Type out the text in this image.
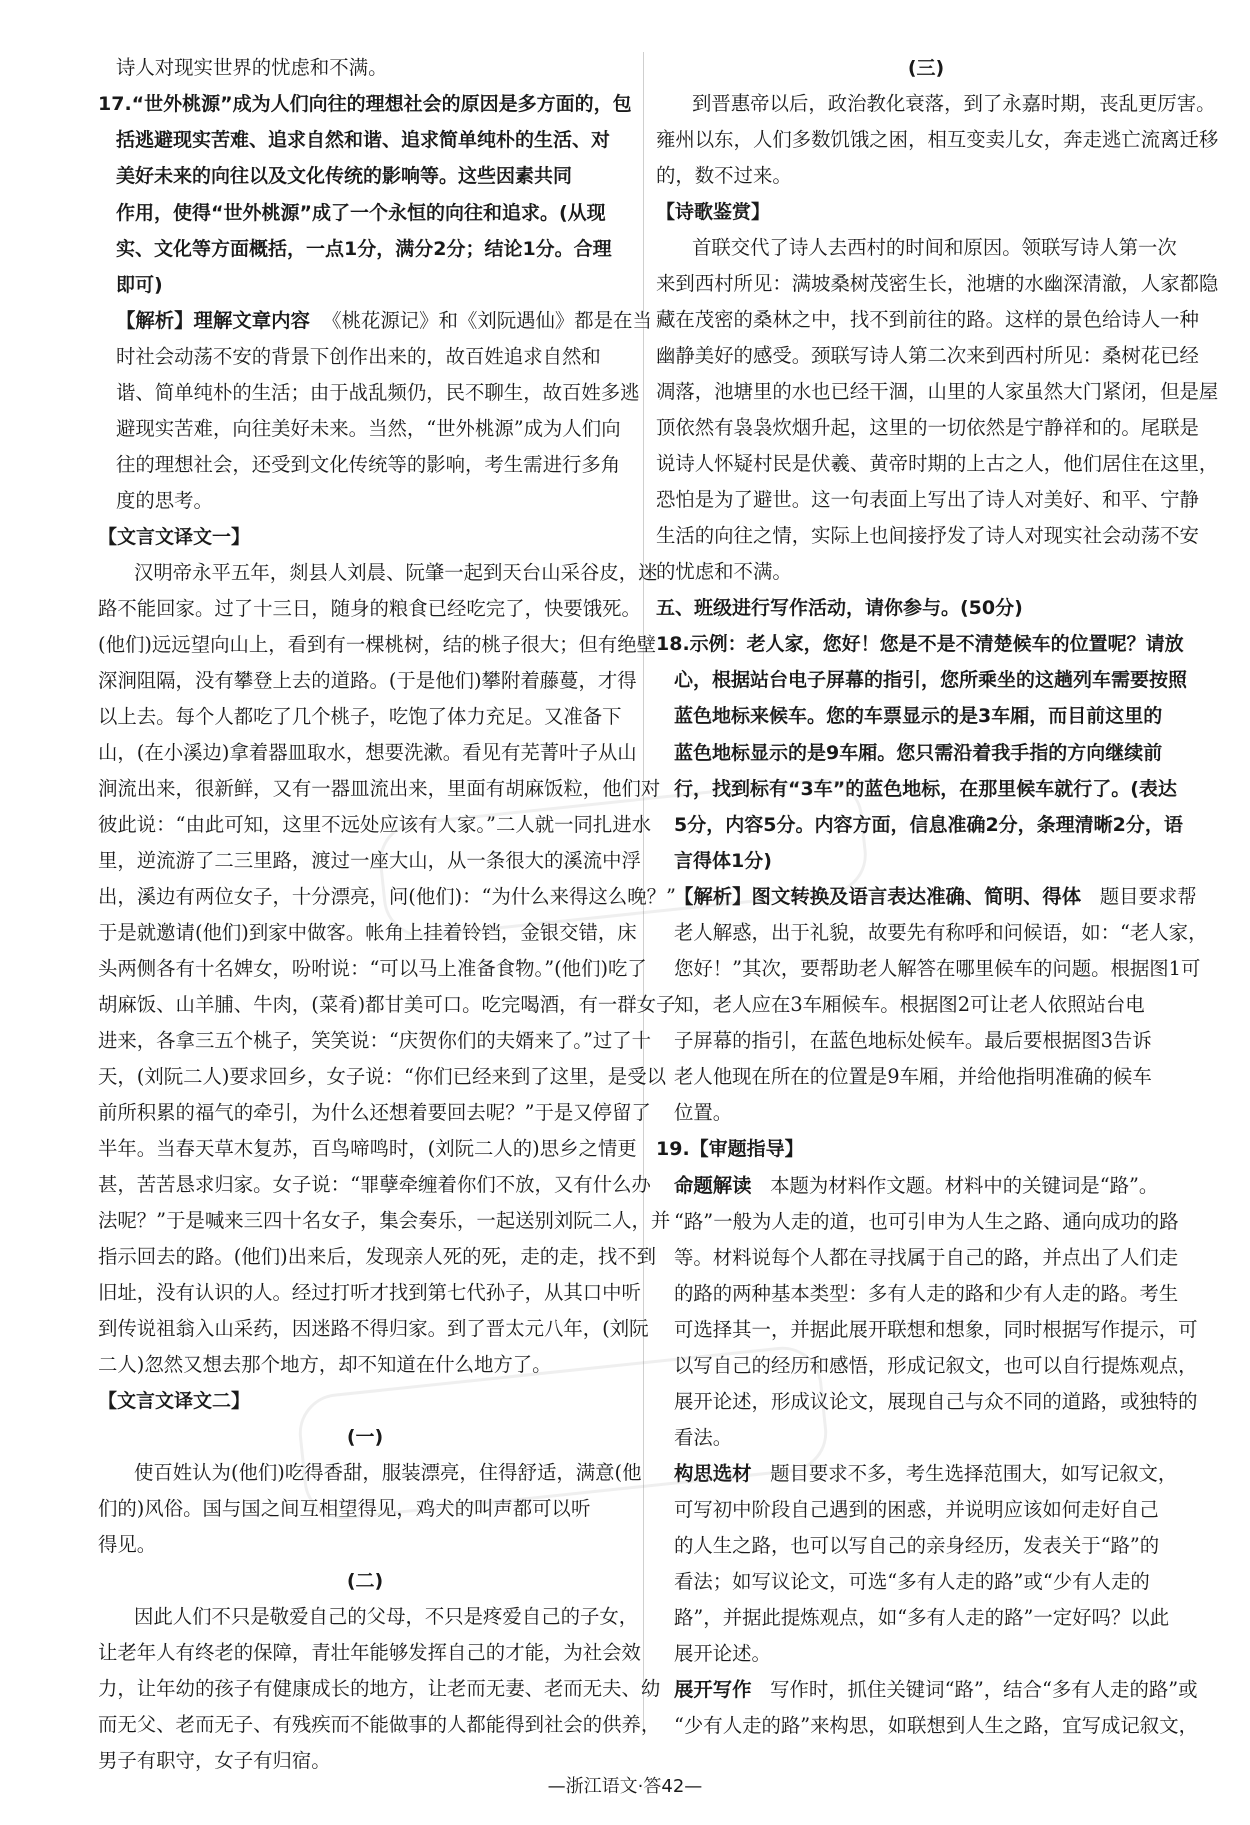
诗人对现实世界的忧虑和不满。
17.“世外桃源”成为人们向往的理想社会的原因是多方面的，包
括逃避现实苦难、追求自然和谐、追求简单纯朴的生活、对
美好未来的向往以及文化传统的影响等。这些因素共同
作用，使得“世外桃源”成了一个永恒的向往和追求。(从现
实、文化等方面概括，一点1分，满分2分；结论1分。合理
即可)
【解析】理解文章内容 《桃花源记》和《刘阮遇仙》都是在当
时社会动荡不安的背景下创作出来的，故百姓追求自然和
谐、简单纯朴的生活；由于战乱频仍，民不聊生，故百姓多逃
避现实苦难，向往美好未来。当然，“世外桃源”成为人们向
往的理想社会，还受到文化传统等的影响，考生需进行多角
度的思考。
【文言文译文一】
汉明帝永平五年，剡县人刘晨、阮肇一起到天台山采谷皮，迷
路不能回家。过了十三日，随身的粮食已经吃完了，快要饿死。
(他们)远远望向山上，看到有一棵桃树，结的桃子很大；但有绝壁
深涧阻隔，没有攀登上去的道路。(于是他们)攀附着藤蔓，才得
以上去。每个人都吃了几个桃子，吃饱了体力充足。又准备下
山，(在小溪边)拿着器皿取水，想要洗漱。看见有芜菁叶子从山
涧流出来，很新鲜，又有一器皿流出来，里面有胡麻饭粒，他们对
彼此说：“由此可知，这里不远处应该有人家。”二人就一同扎进水
里，逆流游了二三里路，渡过一座大山，从一条很大的溪流中浮
出，溪边有两位女子，十分漂亮，问(他们)：“为什么来得这么晚？”
于是就邀请(他们)到家中做客。帐角上挂着铃铛，金银交错，床
头两侧各有十名婢女，吩咐说：“可以马上准备食物。”(他们)吃了
胡麻饭、山羊脯、牛肉，(菜肴)都甘美可口。吃完喝酒，有一群女子
进来，各拿三五个桃子，笑笑说：“庆贺你们的夫婿来了。”过了十
天，(刘阮二人)要求回乡，女子说：“你们已经来到了这里，是受以
前所积累的福气的牵引，为什么还想着要回去呢？”于是又停留了
半年。当春天草木复苏，百鸟啼鸣时，(刘阮二人的)思乡之情更
甚，苦苦恳求归家。女子说：“罪孽牵缠着你们不放，又有什么办
法呢？”于是喊来三四十名女子，集会奏乐，一起送别刘阮二人，并
指示回去的路。(他们)出来后，发现亲人死的死，走的走，找不到
旧址，没有认识的人。经过打听才找到第七代孙子，从其口中听
到传说祖翁入山采药，因迷路不得归家。到了晋太元八年，(刘阮
二人)忽然又想去那个地方，却不知道在什么地方了。
【文言文译文二】
(一)
使百姓认为(他们)吃得香甜，服装漂亮，住得舒适，满意(他
们的)风俗。国与国之间互相望得见，鸡犬的叫声都可以听
得见。
(二)
因此人们不只是敬爱自己的父母，不只是疼爱自己的子女，
让老年人有终老的保障，青壮年能够发挥自己的才能，为社会效
力，让年幼的孩子有健康成长的地方，让老而无妻、老而无夫、幼
而无父、老而无子、有残疾而不能做事的人都能得到社会的供养，
男子有职守，女子有归宿。
(三)
到晋惠帝以后，政治教化衰落，到了永嘉时期，丧乱更厉害。
雍州以东，人们多数饥饿之困，相互变卖儿女，奔走逃亡流离迁移
的，数不过来。
【诗歌鉴赏】
首联交代了诗人去西村的时间和原因。领联写诗人第一次
来到西村所见：满坡桑树茂密生长，池塘的水幽深清澈，人家都隐
藏在茂密的桑林之中，找不到前往的路。这样的景色给诗人一种
幽静美好的感受。颈联写诗人第二次来到西村所见：桑树花已经
凋落，池塘里的水也已经干涸，山里的人家虽然大门紧闭，但是屋
顶依然有袅袅炊烟升起，这里的一切依然是宁静祥和的。尾联是
说诗人怀疑村民是伏羲、黄帝时期的上古之人，他们居住在这里，
恐怕是为了避世。这一句表面上写出了诗人对美好、和平、宁静
生活的向往之情，实际上也间接抒发了诗人对现实社会动荡不安
的忧虑和不满。
五、班级进行写作活动，请你参与。(50分)
18.示例：老人家，您好！您是不是不清楚候车的位置呢？请放
心，根据站台电子屏幕的指引，您所乘坐的这趟列车需要按照
蓝色地标来候车。您的车票显示的是3车厢，而目前这里的
蓝色地标显示的是9车厢。您只需沿着我手指的方向继续前
行，找到标有“3车”的蓝色地标，在那里候车就行了。(表达
5分，内容5分。内容方面，信息准确2分，条理清晰2分，语
言得体1分)
【解析】图文转换及语言表达准确、简明、得体 题目要求帮
老人解惑，出于礼貌，故要先有称呼和问候语，如：“老人家，
您好！”其次，要帮助老人解答在哪里候车的问题。根据图1可
知，老人应在3车厢候车。根据图2可让老人依照站台电
子屏幕的指引，在蓝色地标处候车。最后要根据图3告诉
老人他现在所在的位置是9车厢，并给他指明准确的候车
位置。
19.【审题指导】
命题解读 本题为材料作文题。材料中的关键词是“路”。
“路”一般为人走的道，也可引申为人生之路、通向成功的路
等。材料说每个人都在寻找属于自己的路，并点出了人们走
的路的两种基本类型：多有人走的路和少有人走的路。考生
可选择其一，并据此展开联想和想象，同时根据写作提示，可
以写自己的经历和感悟，形成记叙文，也可以自行提炼观点，
展开论述，形成议论文，展现自己与众不同的道路，或独特的
看法。
构思选材 题目要求不多，考生选择范围大，如写记叙文，
可写初中阶段自己遇到的困惑，并说明应该如何走好自己
的人生之路，也可以写自己的亲身经历，发表关于“路”的
看法；如写议论文，可选“多有人走的路”或“少有人走的
路”，并据此提炼观点，如“多有人走的路”一定好吗？以此
展开论述。
展开写作 写作时，抓住关键词“路”，结合“多有人走的路”或
“少有人走的路”来构思，如联想到人生之路，宜写成记叙文，
—浙江语文·答42—
